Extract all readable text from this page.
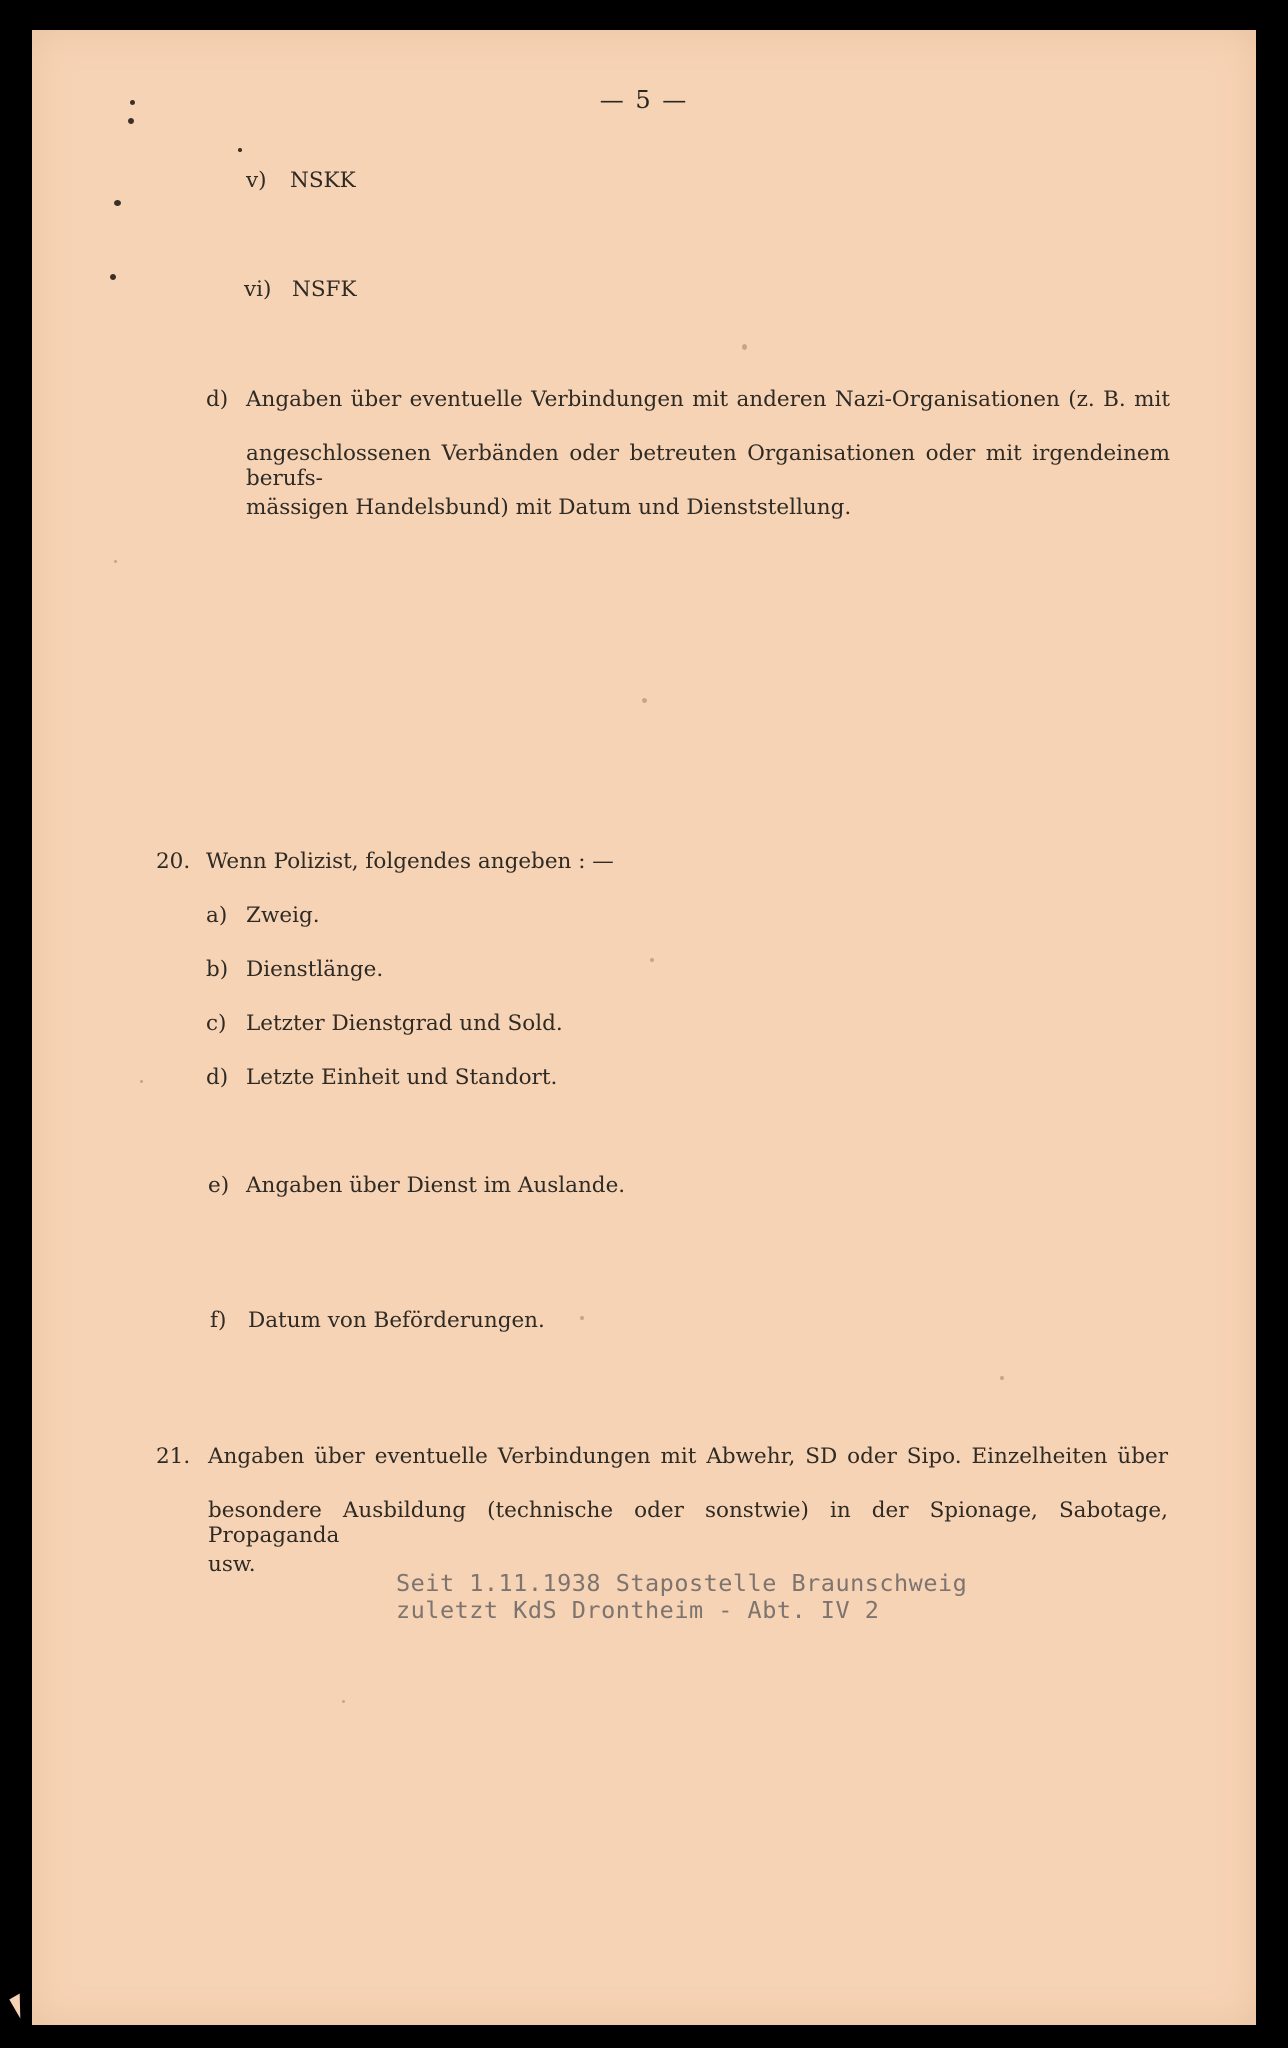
— 5 —
v) NSKK
vi) NSFK
d) Angaben über eventuelle Verbindungen mit anderen Nazi-Organisationen (z. B. mit
angeschlossenen Verbänden oder betreuten Organisationen oder mit irgendeinem berufs-
mässigen Handelsbund) mit Datum und Dienststellung.
20. Wenn Polizist, folgendes angeben : —
a) Zweig.
b) Dienstlänge.
c) Letzter Dienstgrad und Sold.
d) Letzte Einheit und Standort.
e) Angaben über Dienst im Auslande.
f) Datum von Beförderungen.
21. Angaben über eventuelle Verbindungen mit Abwehr, SD oder Sipo. Einzelheiten über
besondere Ausbildung (technische oder sonstwie) in der Spionage, Sabotage, Propaganda
usw.
Seit 1.11.1938 Stapostelle Braunschweig
zuletzt KdS Drontheim - Abt. IV 2
